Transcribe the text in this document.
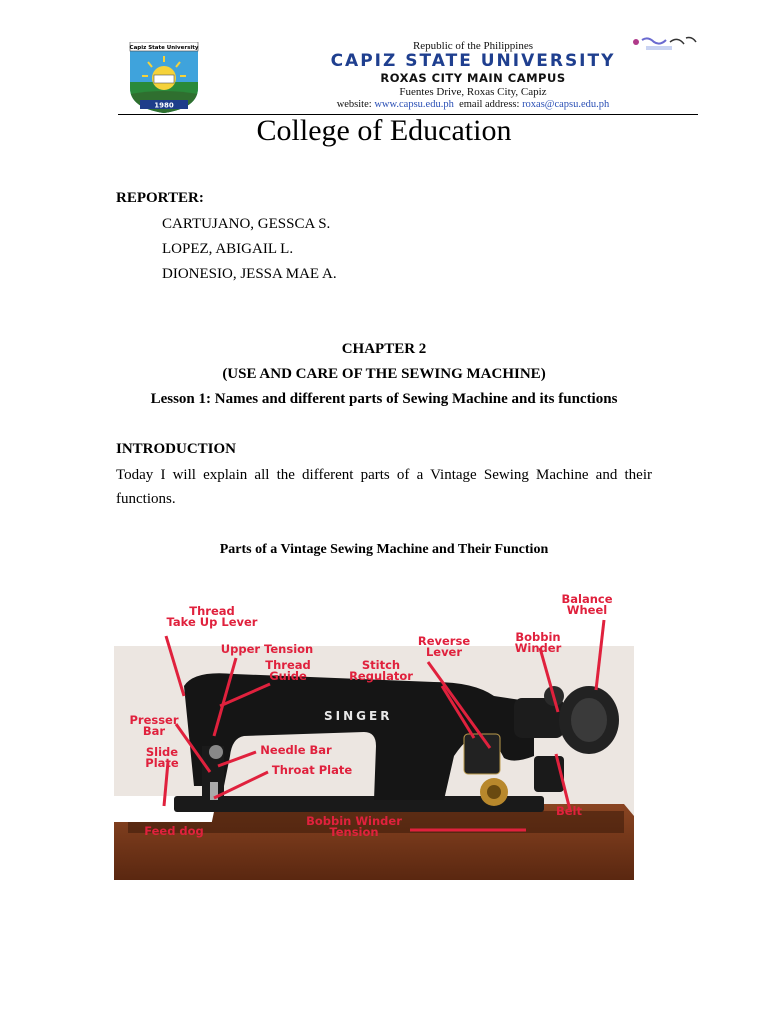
Capiz State University
1980
Republic of the Philippines
CAPIZ STATE UNIVERSITY
ROXAS CITY MAIN CAMPUS
Fuentes Drive, Roxas City, Capiz
website: www.capsu.edu.ph email address: roxas@capsu.edu.ph
College of Education
REPORTER:
CARTUJANO, GESSCA S.
LOPEZ, ABIGAIL L.
DIONESIO, JESSA MAE A.
CHAPTER 2
(USE AND CARE OF THE SEWING MACHINE)
Lesson 1: Names and different parts of Sewing Machine and its functions
INTRODUCTION
Today I will explain all the different parts of a Vintage Sewing Machine and their functions.
Parts of a Vintage Sewing Machine and Their Function
SINGER
Thread
Take Up Lever
Upper Tension
Thread
Guide
Stitch
Regulator
Reverse
Lever
Bobbin
Winder
Balance
Wheel
Presser
Bar
Slide
Plate
Needle Bar
Throat Plate
Feed dog
Bobbin Winder
Tension
Belt
